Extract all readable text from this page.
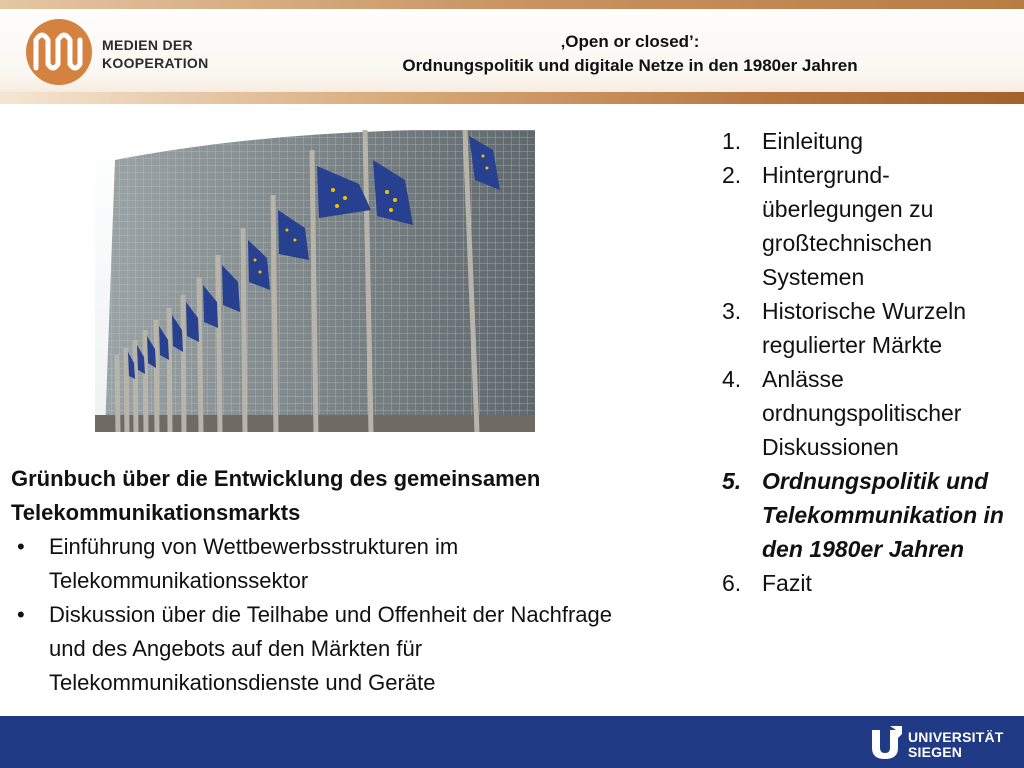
MEDIEN DER
KOOPERATION
‚Open or closed’:
Ordnungspolitik und digitale Netze in den 1980er Jahren
1. Einleitung
2. Hintergrund-überlegungen zu großtechnischen Systemen
3. Historische Wurzeln regulierter Märkte
4. Anlässe ordnungspolitischer Diskussionen
5. Ordnungspolitik und Telekommunikation in den 1980er Jahren
6. Fazit
Grünbuch über die Entwicklung des gemeinsamen Telekommunikationsmarkts
• Einführung von Wettbewerbsstrukturen im Telekommunikationssektor
• Diskussion über die Teilhabe und Offenheit der Nachfrage und des Angebots auf den Märkten für Telekommunikationsdienste und Geräte
UNIVERSITÄT
SIEGEN
